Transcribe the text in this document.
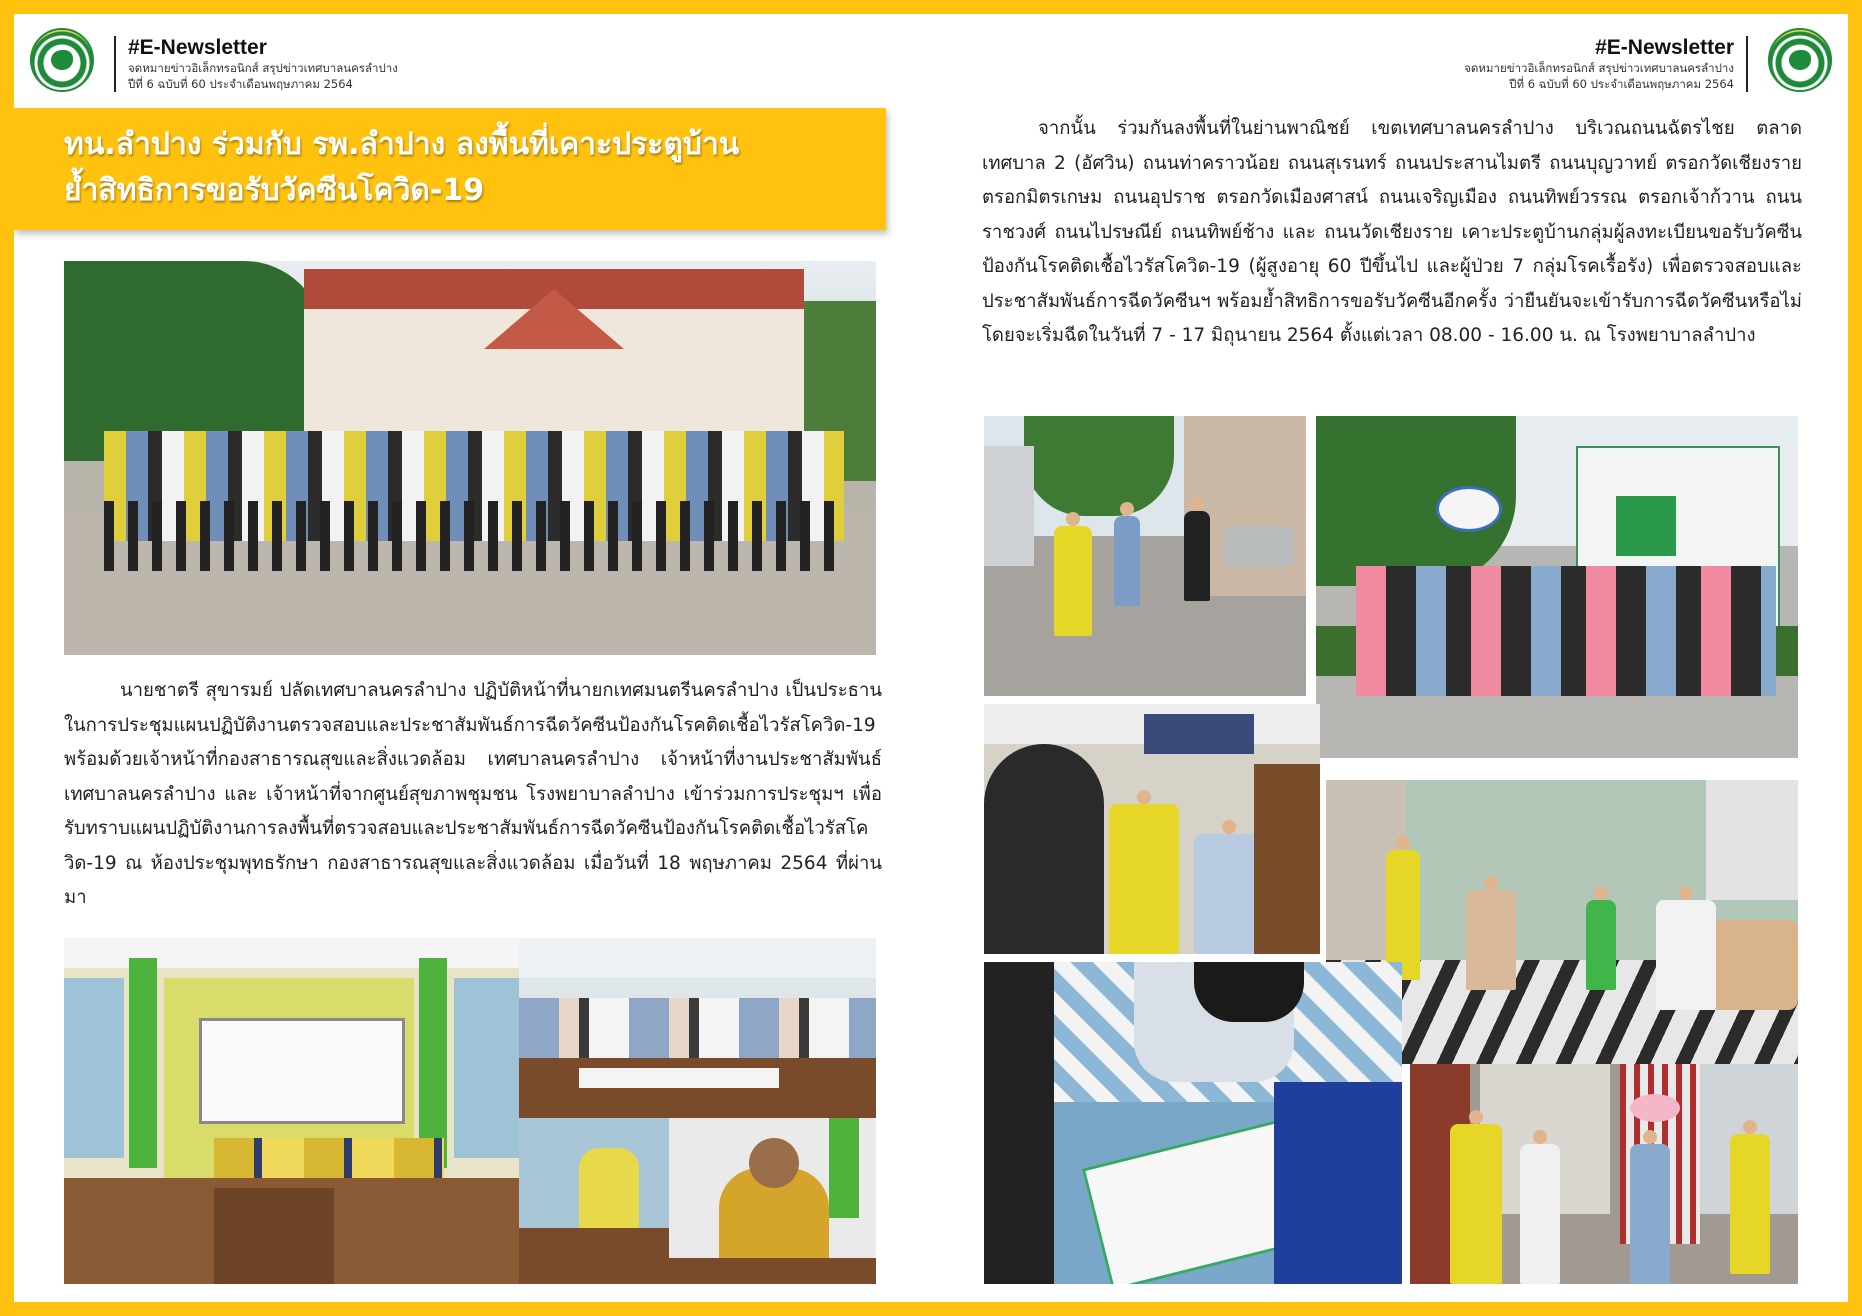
#E-Newsletter
จดหมายข่าวอิเล็กทรอนิกส์ สรุปข่าวเทศบาลนครลำปาง
ปีที่ 6 ฉบับที่ 60 ประจำเดือนพฤษภาคม 2564
#E-Newsletter
จดหมายข่าวอิเล็กทรอนิกส์ สรุปข่าวเทศบาลนครลำปาง
ปีที่ 6 ฉบับที่ 60 ประจำเดือนพฤษภาคม 2564
ทน.ลำปาง ร่วมกับ รพ.ลำปาง ลงพื้นที่เคาะประตูบ้าน
ย้ำสิทธิการขอรับวัคซีนโควิด-19

นายชาตรี สุขารมย์ ปลัดเทศบาลนครลำปาง ปฏิบัติหน้าที่นายกเทศมนตรีนครลำปาง เป็นประธานในการประชุมแผนปฏิบัติงานตรวจสอบและประชาสัมพันธ์การฉีดวัคซีนป้องกันโรคติดเชื้อไวรัสโควิด-19 พร้อมด้วยเจ้าหน้าที่กองสาธารณสุขและสิ่งแวดล้อม เทศบาลนครลำปาง เจ้าหน้าที่งานประชาสัมพันธ์ เทศบาลนครลำปาง และ เจ้าหน้าที่จากศูนย์สุขภาพชุมชน โรงพยาบาลลำปาง เข้าร่วมการประชุมฯ เพื่อรับทราบแผนปฏิบัติงานการลงพื้นที่ตรวจสอบและประชาสัมพันธ์การฉีดวัคซีนป้องกันโรคติดเชื้อไวรัสโควิด-19 ณ ห้องประชุมพุทธรักษา กองสาธารณสุขและสิ่งแวดล้อม เมื่อวันที่ 18 พฤษภาคม 2564 ที่ผ่านมา

จากนั้น ร่วมกันลงพื้นที่ในย่านพาณิชย์ เขตเทศบาลนครลำปาง บริเวณถนนฉัตรไชย ตลาดเทศบาล 2 (อัศวิน) ถนนท่าคราวน้อย ถนนสุเรนทร์ ถนนประสานไมตรี ถนนบุญวาทย์ ตรอกวัดเชียงราย ตรอกมิตรเกษม ถนนอุปราช ตรอกวัดเมืองศาสน์ ถนนเจริญเมือง ถนนทิพย์วรรณ ตรอกเจ้าก้วาน ถนนราชวงศ์ ถนนไปรษณีย์ ถนนทิพย์ช้าง และ ถนนวัดเชียงราย เคาะประตูบ้านกลุ่มผู้ลงทะเบียนขอรับวัคซีนป้องกันโรคติดเชื้อไวรัสโควิด-19 (ผู้สูงอายุ 60 ปีขึ้นไป และผู้ป่วย 7 กลุ่มโรคเรื้อรัง) เพื่อตรวจสอบและประชาสัมพันธ์การฉีดวัคซีนฯ พร้อมย้ำสิทธิการขอรับวัคซีนอีกครั้ง ว่ายืนยันจะเข้ารับการฉีดวัคซีนหรือไม่ โดยจะเริ่มฉีดในวันที่ 7 - 17 มิถุนายน 2564 ตั้งแต่เวลา 08.00 - 16.00 น. ณ โรงพยาบาลลำปาง
